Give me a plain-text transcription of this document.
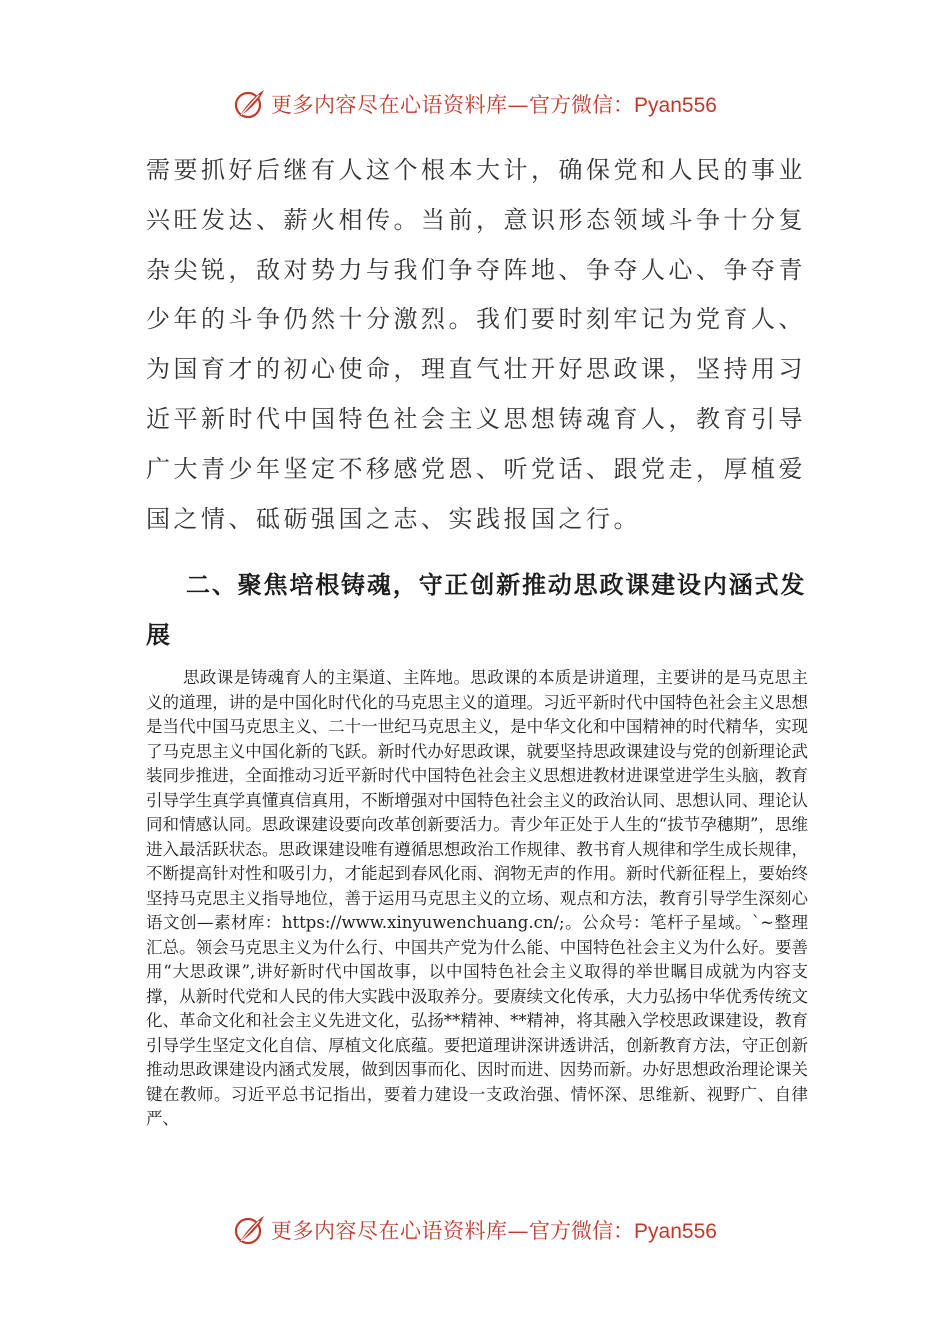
更多内容尽在心语资料库— 官方微信：Pyan556

需要抓好后继有人这个根本大计，确保党和人民的事业兴旺发达、薪火相传。当前，意识形态领域斗争十分复杂尖锐，敌对势力与我们争夺阵地、争夺人心、争夺青少年的斗争仍然十分激烈。我们要时刻牢记为党育人、为国育才的初心使命，理直气壮开好思政课，坚持用习近平新时代中国特色社会主义思想铸魂育人，教育引导广大青少年坚定不移感党恩、听党话、跟党走，厚植爱国之情、砥砺强国之志、实践报国之行。

二、聚焦培根铸魂，守正创新推动思政课建设内涵式发展

思政课是铸魂育人的主渠道、主阵地。思政课的本质是讲道理，主要讲的是马克思主义的道理，讲的是中国化时代化的马克思主义的道理。习近平新时代中国特色社会主义思想是当代中国马克思主义、二十一世纪马克思主义，是中华文化和中国精神的时代精华，实现了马克思主义中国化新的飞跃。新时代办好思政课，就要坚持思政课建设与党的创新理论武装同步推进，全面推动习近平新时代中国特色社会主义思想进教材进课堂进学生头脑，教育引导学生真学真懂真信真用，不断增强对中国特色社会主义的政治认同、思想认同、理论认同和情感认同。思政课建设要向改革创新要活力。青少年正处于人生的“拔节孕穗期”，思维进入最活跃状态。思政课建设唯有遵循思想政治工作规律、教书育人规律和学生成长规律，不断提高针对性和吸引力，才能起到春风化雨、润物无声的作用。新时代新征程上，要始终坚持马克思主义指导地位，善于运用马克思主义的立场、观点和方法，教育引导学生深刻心语文创—素材库：https://www.xinyuwenchuang.cn/;。公众号：笔杆子星域。`~整理汇总。领会马克思主义为什么行、中国共产党为什么能、中国特色社会主义为什么好。要善用“大思政课”,讲好新时代中国故事，以中国特色社会主义取得的举世瞩目成就为内容支撑，从新时代党和人民的伟大实践中汲取养分。要赓续文化传承，大力弘扬中华优秀传统文化、革命文化和社会主义先进文化，弘扬**精神、**精神，将其融入学校思政课建设，教育引导学生坚定文化自信、厚植文化底蕴。要把道理讲深讲透讲活，创新教育方法，守正创新推动思政课建设内涵式发展，做到因事而化、因时而进、因势而新。办好思想政治理论课关键在教师。习近平总书记指出，要着力建设一支政治强、情怀深、思维新、视野广、自律严、

更多内容尽在心语资料库— 官方微信：Pyan556
